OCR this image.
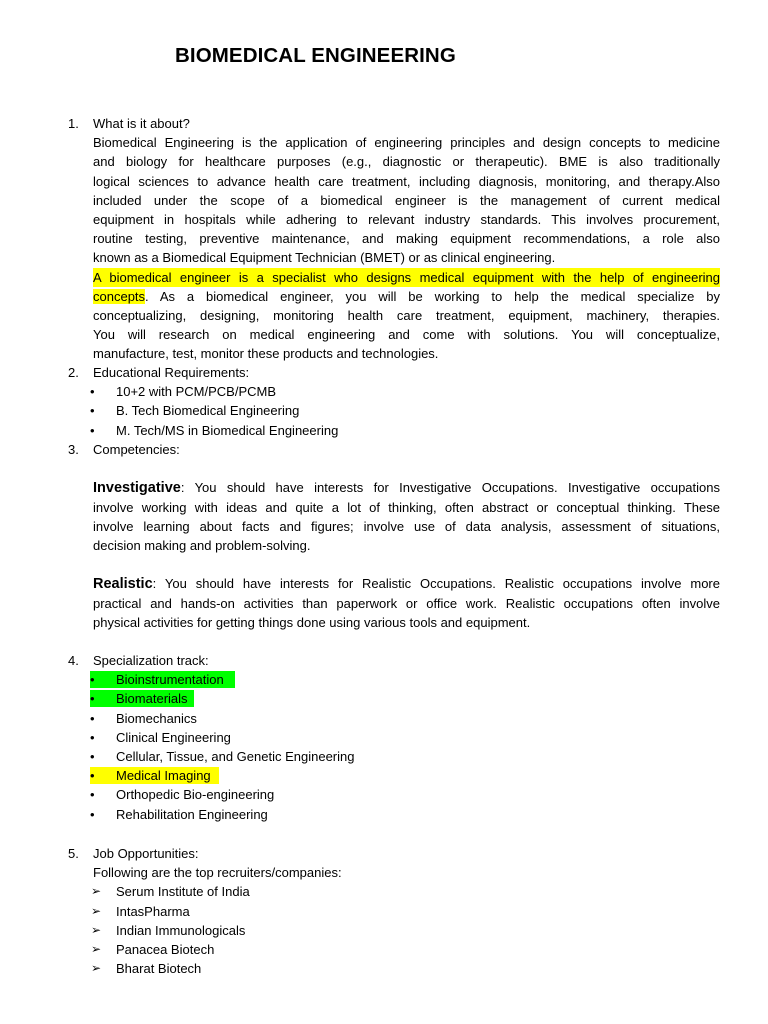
BIOMEDICAL ENGINEERING
1.	What is it about?
Biomedical Engineering is the application of engineering principles and design concepts to medicine
and biology for healthcare purposes (e.g., diagnostic or therapeutic). BME is also traditionally
logical sciences to advance health care treatment, including diagnosis, monitoring, and therapy.Also
included under the scope of a biomedical engineer is the management of current medical
equipment in hospitals while adhering to relevant industry standards. This involves procurement,
routine testing, preventive maintenance, and making equipment recommendations, a role also
known as a Biomedical Equipment Technician (BMET) or as clinical engineering.
A biomedical engineer is a specialist who designs medical equipment with the help of engineering
concepts. As a biomedical engineer, you will be working to help the medical specialize by
conceptualizing, designing, monitoring health care treatment, equipment, machinery, therapies.
You will research on medical engineering and come with solutions. You will conceptualize,
manufacture, test, monitor these products and technologies.
2.	Educational Requirements:
• 10+2 with PCM/PCB/PCMB
• B. Tech Biomedical Engineering
• M. Tech/MS in Biomedical Engineering
3.	Competencies:
Investigative: You should have interests for Investigative Occupations. Investigative occupations
involve working with ideas and quite a lot of thinking, often abstract or conceptual thinking. These
involve learning about facts and figures; involve use of data analysis, assessment of situations,
decision making and problem-solving.
Realistic: You should have interests for Realistic Occupations. Realistic occupations involve more
practical and hands-on activities than paperwork or office work. Realistic occupations often involve
physical activities for getting things done using various tools and equipment.
4.	Specialization track:
• Bioinstrumentation
• Biomaterials
• Biomechanics
• Clinical Engineering
• Cellular, Tissue, and Genetic Engineering
• Medical Imaging
• Orthopedic Bio-engineering
• Rehabilitation Engineering
5.	Job Opportunities:
Following are the top recruiters/companies:
➢ Serum Institute of India
➢ IntasPharma
➢ Indian Immunologicals
➢ Panacea Biotech
➢ Bharat Biotech
